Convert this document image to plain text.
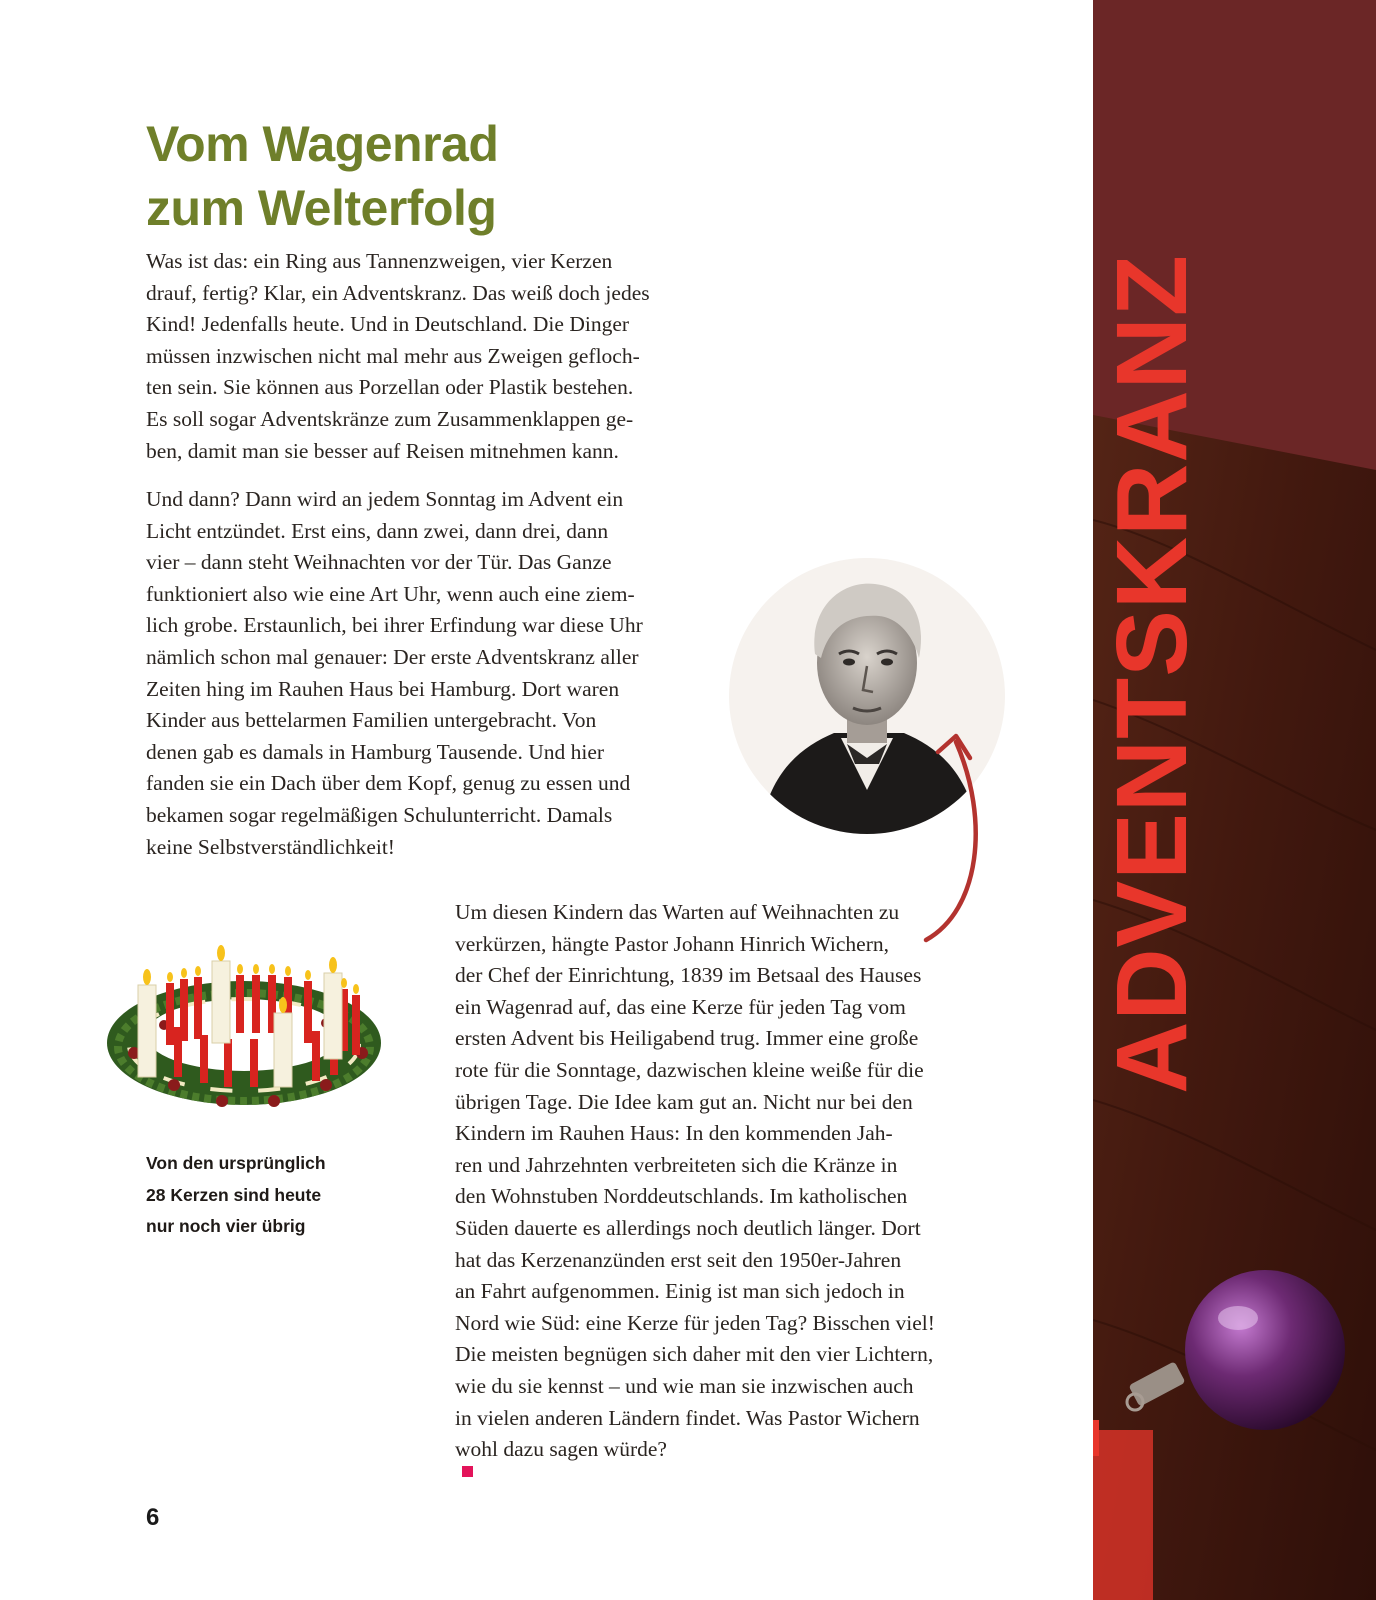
Vom Wagenrad
zum Welterfolg
Was ist das: ein Ring aus Tannenzweigen, vier Kerzen
drauf, fertig? Klar, ein Adventskranz. Das weiß doch jedes
Kind! Jedenfalls heute. Und in Deutschland. Die Dinger
müssen inzwischen nicht mal mehr aus Zweigen gefloch-
ten sein. Sie können aus Porzellan oder Plastik bestehen.
Es soll sogar Adventskränze zum Zusammenklappen ge-
ben, damit man sie besser auf Reisen mitnehmen kann.
Und dann? Dann wird an jedem Sonntag im Advent ein
Licht entzündet. Erst eins, dann zwei, dann drei, dann
vier – dann steht Weihnachten vor der Tür. Das Ganze
funktioniert also wie eine Art Uhr, wenn auch eine ziem-
lich grobe. Erstaunlich, bei ihrer Erfindung war diese Uhr
nämlich schon mal genauer: Der erste Adventskranz aller
Zeiten hing im Rauhen Haus bei Hamburg. Dort waren
Kinder aus bettelarmen Familien untergebracht. Von
denen gab es damals in Hamburg Tausende. Und hier
fanden sie ein Dach über dem Kopf, genug zu essen und
bekamen sogar regelmäßigen Schulunterricht. Damals
keine Selbstverständlichkeit!
Um diesen Kindern das Warten auf Weihnachten zu
verkürzen, hängte Pastor Johann Hinrich Wichern,
der Chef der Einrichtung, 1839 im Betsaal des Hauses
ein Wagenrad auf, das eine Kerze für jeden Tag vom
ersten Advent bis Heiligabend trug. Immer eine große
rote für die Sonntage, dazwischen kleine weiße für die
übrigen Tage. Die Idee kam gut an. Nicht nur bei den
Kindern im Rauhen Haus: In den kommenden Jah-
ren und Jahrzehnten verbreiteten sich die Kränze in
den Wohnstuben Norddeutschlands. Im katholischen
Süden dauerte es allerdings noch deutlich länger. Dort
hat das Kerzenanzünden erst seit den 1950er-Jahren
an Fahrt aufgenommen. Einig ist man sich jedoch in
Nord wie Süd: eine Kerze für jeden Tag? Bisschen viel!
Die meisten begnügen sich daher mit den vier Lichtern,
wie du sie kennst – und wie man sie inzwischen auch
in vielen anderen Ländern findet. Was Pastor Wichern
wohl dazu sagen würde?
Von den ursprünglich
28 Kerzen sind heute
nur noch vier übrig
6
ADVENTSKRANZ
